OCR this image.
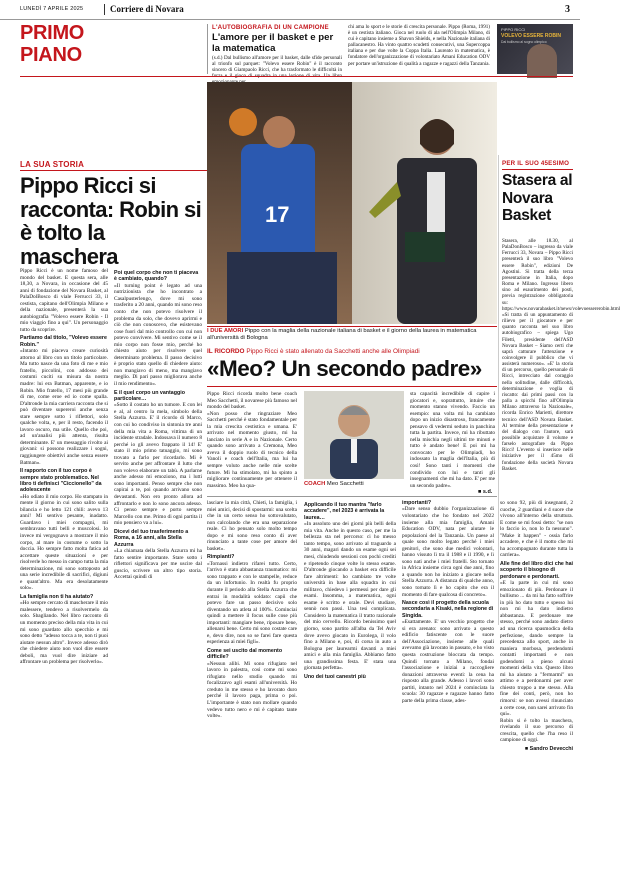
LUNEDÌ 7 APRILE 2025	Corriere di Novara	3
PRIMO
PIANO
L'AUTOBIOGRAFIA DI UN CAMPIONE
L'amore per il basket e per la matematica
(s.d.) Dal bullismo all'amore per il basket, dalle sfide personali al trionfo sul parquet: "Volevo essere Robin" è il racconto sincero di Giampaolo Ricci, che ha trasformato le difficoltà in
chi ama lo sport e le storie di crescita personale. Pippo (Roma, 1991) è un cestista italiano. Gioca nel ruolo di ala nell'Olimpia Milano, di cui è capitano insieme a Shavon Shields, e nella Nazionale italiana di pallacanestro. Ha vinto quattro scudetti consecutivi, una Supercoppa italiana e per due volte la Coppa Italia. Laureato in matematica, è fondatore dell'organizzazione di volontariato Amani Education ODV per portare un'istruzione di qualità a ragazze e ragazzi della Tanzania.
PIPPO RICCI
VOLEVO ESSERE ROBIN
Dal bullismo al sogno olimpico
LA SUA STORIA
Pippo Ricci si racconta: Robin si è tolto la maschera

Pippo Ricci è un nome famoso del mondo del basket. E questa sera, alle 18,30, a Novara, in occasione del 45 anni di fondazione del Novara Basket, al PalaDolBosco di viale Ferrucci 33, il cestista, capitano dell'Olimpia Milano e della nazionale, presenterà la sua autobiografia "Volevo essere Robin - Il mio viaggio fino a qui". Un personaggio tutto da scoprire.

Partiamo dal titolo, "Volevo essere Robin."

«Intanto mi piaceva creare curiosità attorno al libro con un titolo particolare. Ma tutto nasce da una foto di me e mio fratello, piccolini, con addosso dei costumi cuciti su misura da nostra madre: lui era Batman, apparente, e io Robin. Mio fratello, 17 mesi più grande di me, come eroe ed io come spalla. D'altronde la mia carriera racconta che si può diventare supereroi anche senza stare sempre sotto i riflettori, solo qualche volta, e, per il resto, facendo il lavoro oscuro, ma utile. Quello che poi, ad un'analisi più attenta, risulta determinante. E' un messaggio rivolto ai giovani: si possono realizzare i sogni, raggiungere obiettivi anche senza essere Batman».

Il rapporto con il tuo corpo è sempre stato problematico. Nel libro ti definisci "Ciccionello" da adolescente

«Ho odiato il mio corpo. Ho stampato in mente il giorno in cui sono salito sulla bilancia e ho letto 121 chili: avevo 13 anni! Mi sentivo pesante, inadatto. Guardavo i miei compagni, mi sembravano tutti belli e muscolosi. Io invece mi vergognavo a mostrare il mio corpo, al mare in costume o sotto la doccia. Ho sempre fatto molta fatica ad accettare queste situazioni e per risolverle ho messo in campo tutta la mia determinazione, mi sono sottoposto ad una serie incredibile di sacrifici, digiuni e quant'altro. Ma era desolatamente solo».

La famiglia non ti ha aiutato?

«Ho sempre cercato di mascherare il mio malessere, tendevo a risolvermelo da solo. Sbagliando. Nel libro racconto di un momento preciso della mia vita in cui mi sono guardato allo specchio e mi sono detto "adesso tocca a te, non ti puoi aiutare nessun altro". Invece adesso dirò che chiedere aiuto non vuol dire essere deboli, ma vuol dire iniziare ad affrontare un problema per risolverlo».

Poi quel corpo che non ti piaceva è cambiato, quando?

«Il turning point è legato ad una nutrizionista che ho incontrato a Casalpusterlengo, dove mi sono trasferito a 20 anni, quando mi sono reso conto che non potevo risolvere il problema da solo, che dovevo aprirmi e ciò che non conoscevo, che esistevano cose fuori dal mio controllo con cui non potevo convivere. Mi sentivo come se il mio corpo non fosse mio, perché ho chiesto aiuto per risolvere quel determinato problema. Il passo decisivo è proprio stato quello di chiedere aiuto: non mangiavo di meno, ma mangiavo meglio. Di pari passo migliorava anche il mio rendimento».

E il quel corpo un vantaggio particolare…

«Sotto il costato ho un tumore. E con lei e al, al centro la mela, simbolo della Stella Azzurra. E' il ricordo di Marco, con cui ho condiviso in sintonia tre anni della mia vita a Roma, vittima di un incidente stradale. Indossava il numero 8 perché io gli avevo frappato il 14! E' stato il mio primo tatuaggio, mi sono trovato a farlo per ricordarlo. Mi è servito anche per affrontare il lutto che non volevo elaborare un tabù. A parlarne anche adesso mi emoziono, ma i lutti sono importanti. Penso sempre che non capirai a te, poi quando arrivano sono devastanti. Non ero pronto allora ad affrontarlo e non lo sono ancora adesso. Ci penso sempre e porto sempre Marcello con me. Primo di ogni partita il mio pensiero va a lui».

Dicevi del tuo trasferimento a Roma, a 16 anni, alla Stella Azzurra

«La chiamata della Stella Azzurra mi ha fatto sentire importante. Stare sotto i riflettori significava per me uscire dal guscio, scrivere un altro tipo storia. Accettai quindi di

17
I DUE AMORI Pippo con la maglia della nazionale italiana di basket e il giorno della laurea in matematica all'università di Bologna
PER IL SUO 45ESIMO
Stasera al Novara Basket
Stasera, alle 18.30, al PalaDonBosco – ingresso da viale Ferrucci 33, Novara – Pippo Ricci presenterà il suo libro "Volevo essere Robin", edizioni De Agostini. Si tratta della terza presentazione in Italia, dopo Roma e Milano. Ingresso libero sino ad esaurimento dei posti, previa registrazione obbligatoria su: https://www.novarabasket.it/news/volevoessererobin.html «Si tratta di un appuntamento di rilievo per il giocatore e per quanto racconta nel suo libro autobiografico – spiega Ugo Filetti, presidente dell'ASD Novara Basket – Siamo certi che saprà catturare l'attenzione e coinvolgere il pubblico che vi assisterà numeroso». «E' la storia di un percorso, quello personale di Ricci, intrecciato dal coraggio nella solitudine, dalle difficoltà, determinazione e voglia di riscatto: dai primi passi con la palla a spicchi fino all'Olimpia Milano attraverso la Nazionale», ricorda Enrico Marietti, direttore tecnico dell'ASD Novara Basket. Al termine della presentazione e del dialogo con l'autore, sarà possibile acquistare il volume e farselo autografare da Pippo Ricci! L'evento si inserisce nelle iniziative per il 45mo di fondazione della società Novara Basket.
IL RICORDO Pippo Ricci è stato allenato da Sacchetti anche alle Olimpiadi
«Meo? Un secondo padre»

Pippo Ricci ricorda molto bene coach Meo Sacchetti, il novarese più famoso nel mondo del basket.

«Non posso che ringraziare Meo Sacchetti perché è stato fondamentale per la mia crescita cestistica e umana. E' arrivato nel momento giusto, mi ha lanciato in serie A e in Nazionale. Certo quando sono arrivato a Cremona, Meo aveva il doppio ruolo di tecnico della Vanoli e coach dell'Italia, ma lui ha sempre voluto anche nelle mie scelte future. Mi ha stimolato, mi ha spinto a migliorare continuamente per ottenere il massimo. Meo ha qua-	COACH Meo Sacchetti

sta capacità incredibile di capire i giocatori e, soprattutto, intuire che momento stanno vivendo. Faccio un esempio: una volta mi ha cambiato dopo un inizio disastroso, francamente pensavo di vedermi seduto in panchina tutta la partita. Invece, mi ha ributtato nella mischia negli ultimi tre minuti e tutto è andato bene! E poi mi ha convocato per le Olimpiadi, ho indossato la maglia dell'Italia, più di così! Sono tanti i momenti che condivido con lui e tanti gli insegnamenti che mi ha dato. E' per me un secondo padre».

■ s.d.

lasciare la mia città, Chieti, la famiglia, i miei amici, decisi di spostarmi: una scelta che in un certo senso ho sottovalutato, non calcolando che era una separazione reale. Ci ho pensato solo molto tempo dopo e mi sono reso conto di aver rinunciato a tante cose per amore del basket».

Rimpianti?

«Tornassi indietro rifarei tutto. Certo, l'arrivo è stato abbastanza traumatico: mi sono trappato e con le stampelle, reduce da un infortunio. In realtà fu proprio durante il periodo alla Stella Azzurra che entrai in modalità soldato: capii che potevo fare un passo decisivo solo diventando un atleta al 100%. Cominciai quindi a mettere il focus sulle cose più importanti: mangiare bene, riposare bene, allenarsi bene. Certo mi sono costate care e, devo dire, non so se farei fare questa esperienza ai miei figli».

Come sei uscito dal momento difficile?

«Nessun alibi. Mi sono rifugiato nel lavoro in palestra, così come mi sono rifugiato nello studio quando mi focalizzavo agli esami all'università. Ho creduto in me stesso e ho lavorato duro perché il lavoro paga, prima o poi. L'importante è stato non mollare quando vedevo tutto nero e mi è capitato tante volte».

Applicando il tuo mantra "farlo accadere", nel 2023 è arrivata la laurea…

«In assoluto uno dei giorni più belli della mia vita. Anche in questo caso, per me la bellezza sta nel percorso: ci ho messo tanto tempo, sono arrivato al traguardo a 30 anni, magari dando un esame ogni sei mesi, chiudendo sessioni con pochi crediti e ripetendo cinque volte lo stesso esame. D'altronde giocando a basket era difficile fare altrimenti: ho cambiato tre volte università in base alla squadra in cui militavo, chiedevo i permessi per dare gli esami. Insomma, a matematica, ogni esame è scritto e orale. Devi studiare, sennò non passi. Una tesi complicata. Considero la matematica il tratto razionale del mio cervello. Ricordo benissimo quel giorno, sono partito all'alba da Tel Aviv dove avevo giocato in Eurolega, il volo fino a Milano e, poi, di corsa in auto a Bologna per laurearmi davanti a miei amici e alla mia famiglia. Abbiamo fatto una grandissima festa. E' stata una giornata perfetta».

Uno dei tuoi canestri più

importanti?

«Dare senso dubbio l'organizzazione di volontariato che ho fondato nel 2022 insieme alla mia famiglia, Amani Education ODV, nata per aiutare le popolazioni del la Tanzania. Un paese al quale sono molto legato perché i miei genitori, che sono due medici volontari, hanno vissuto lì tra il 1988 e il 1990, e lì sono nati anche i miei fratelli. Sto tornato in Africa insieme circa ogni due anni, fino a quando non ho iniziato a giocare nella Stella Azzurra. A distanza di qualche anno, sono tornato lì e ho capito che era il momento di fare qualcosa di concreto».

Nasce così il progetto della scuola secondaria a Kisaki, nella regione di Singida.

«Esattamente. E' un vecchio progetto che si era arenato: sono arrivato a questo edificio fatiscente con le suore dell'Associazione, insieme alle quali avevamo già lavorato in passato, e ho visto questa costruzione bloccata da tempo. Quindi tornato a Milano, fondai l'associazione e iniziai a raccogliere donazioni attraverso eventi: la cena ha risposto alla grande. Adesso i lavori sono partiti, intanto nel 2024 è cominciata la scuola: 30 ragazze e ragazze hanno fatto parte della prima classe, ades-

so sono 92, più di insegnanti, 2 cuoche, 2 guardiani e 4 suore che vivono all'interno della struttura. E come se mi fossi detto: "se non lo faccio io, non lo fa nessuno". "Make it happen" - ossia farlo accadere, e che è il motto che mi ha accompagnato durante tutta la carriera».

Alle fine del libro dici che hai scoperto il bisogno di perdonare e perdonarti.

«E la parte in cui mi sono emozionato di più. Perdonare il bullismo ... da mi ha fatto soffrire in più ho dato tutto e spesso lui non mi ha dato indietro abbastanza. E perdonare me stesso, perché sono andato dietro ad una ricerca spasmodica della perfezione, dando sempre la precedenza allo sport, anche in maniera morbosa, perdendomi contatti importanti e non godendomi a pieno alcuni momenti della vita. Questo libro mi ha aiutato a "fermarmi" un attimo e a perdonarmi per aver chiesto troppo a me stesso. Alla fine dei conti, però, non ho rimorsi: se non avessi rinunciato a certe cose, non sarei arrivato fin qui».

Robin si è tolto la maschera, rivelando il suo percorso di crescita, quello che l'ha reso il campione di oggi.

■ Sandro Devecchi
